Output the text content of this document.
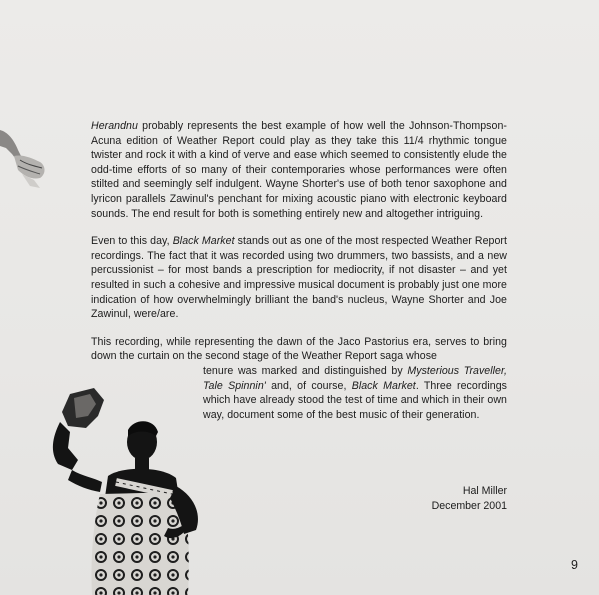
Herandnu probably represents the best example of how well the Johnson-Thompson-Acuna edition of Weather Report could play as they take this 11/4 rhythmic tongue twister and rock it with a kind of verve and ease which seemed to consistently elude the odd-time efforts of so many of their contemporaries whose performances were often stilted and seemingly self indulgent. Wayne Shorter's use of both tenor saxophone and lyricon parallels Zawinul's penchant for mixing acoustic piano with electronic keyboard sounds. The end result for both is something entirely new and altogether intriguing.

Even to this day, Black Market stands out as one of the most respected Weather Report recordings. The fact that it was recorded using two drummers, two bassists, and a new percussionist – for most bands a prescription for mediocrity, if not disaster – and yet resulted in such a cohesive and impressive musical document is probably just one more indication of how overwhelmingly brilliant the band's nucleus, Wayne Shorter and Joe Zawinul, were/are.

This recording, while representing the dawn of the Jaco Pastorius era, serves to bring down the curtain on the second stage of the Weather Report saga whose
tenure was marked and distinguished by Mysterious Traveller, Tale Spinnin' and, of course, Black Market. Three recordings which have already stood the test of time and which in their own way, document some of the best music of their generation.
Hal Miller
December 2001
9
